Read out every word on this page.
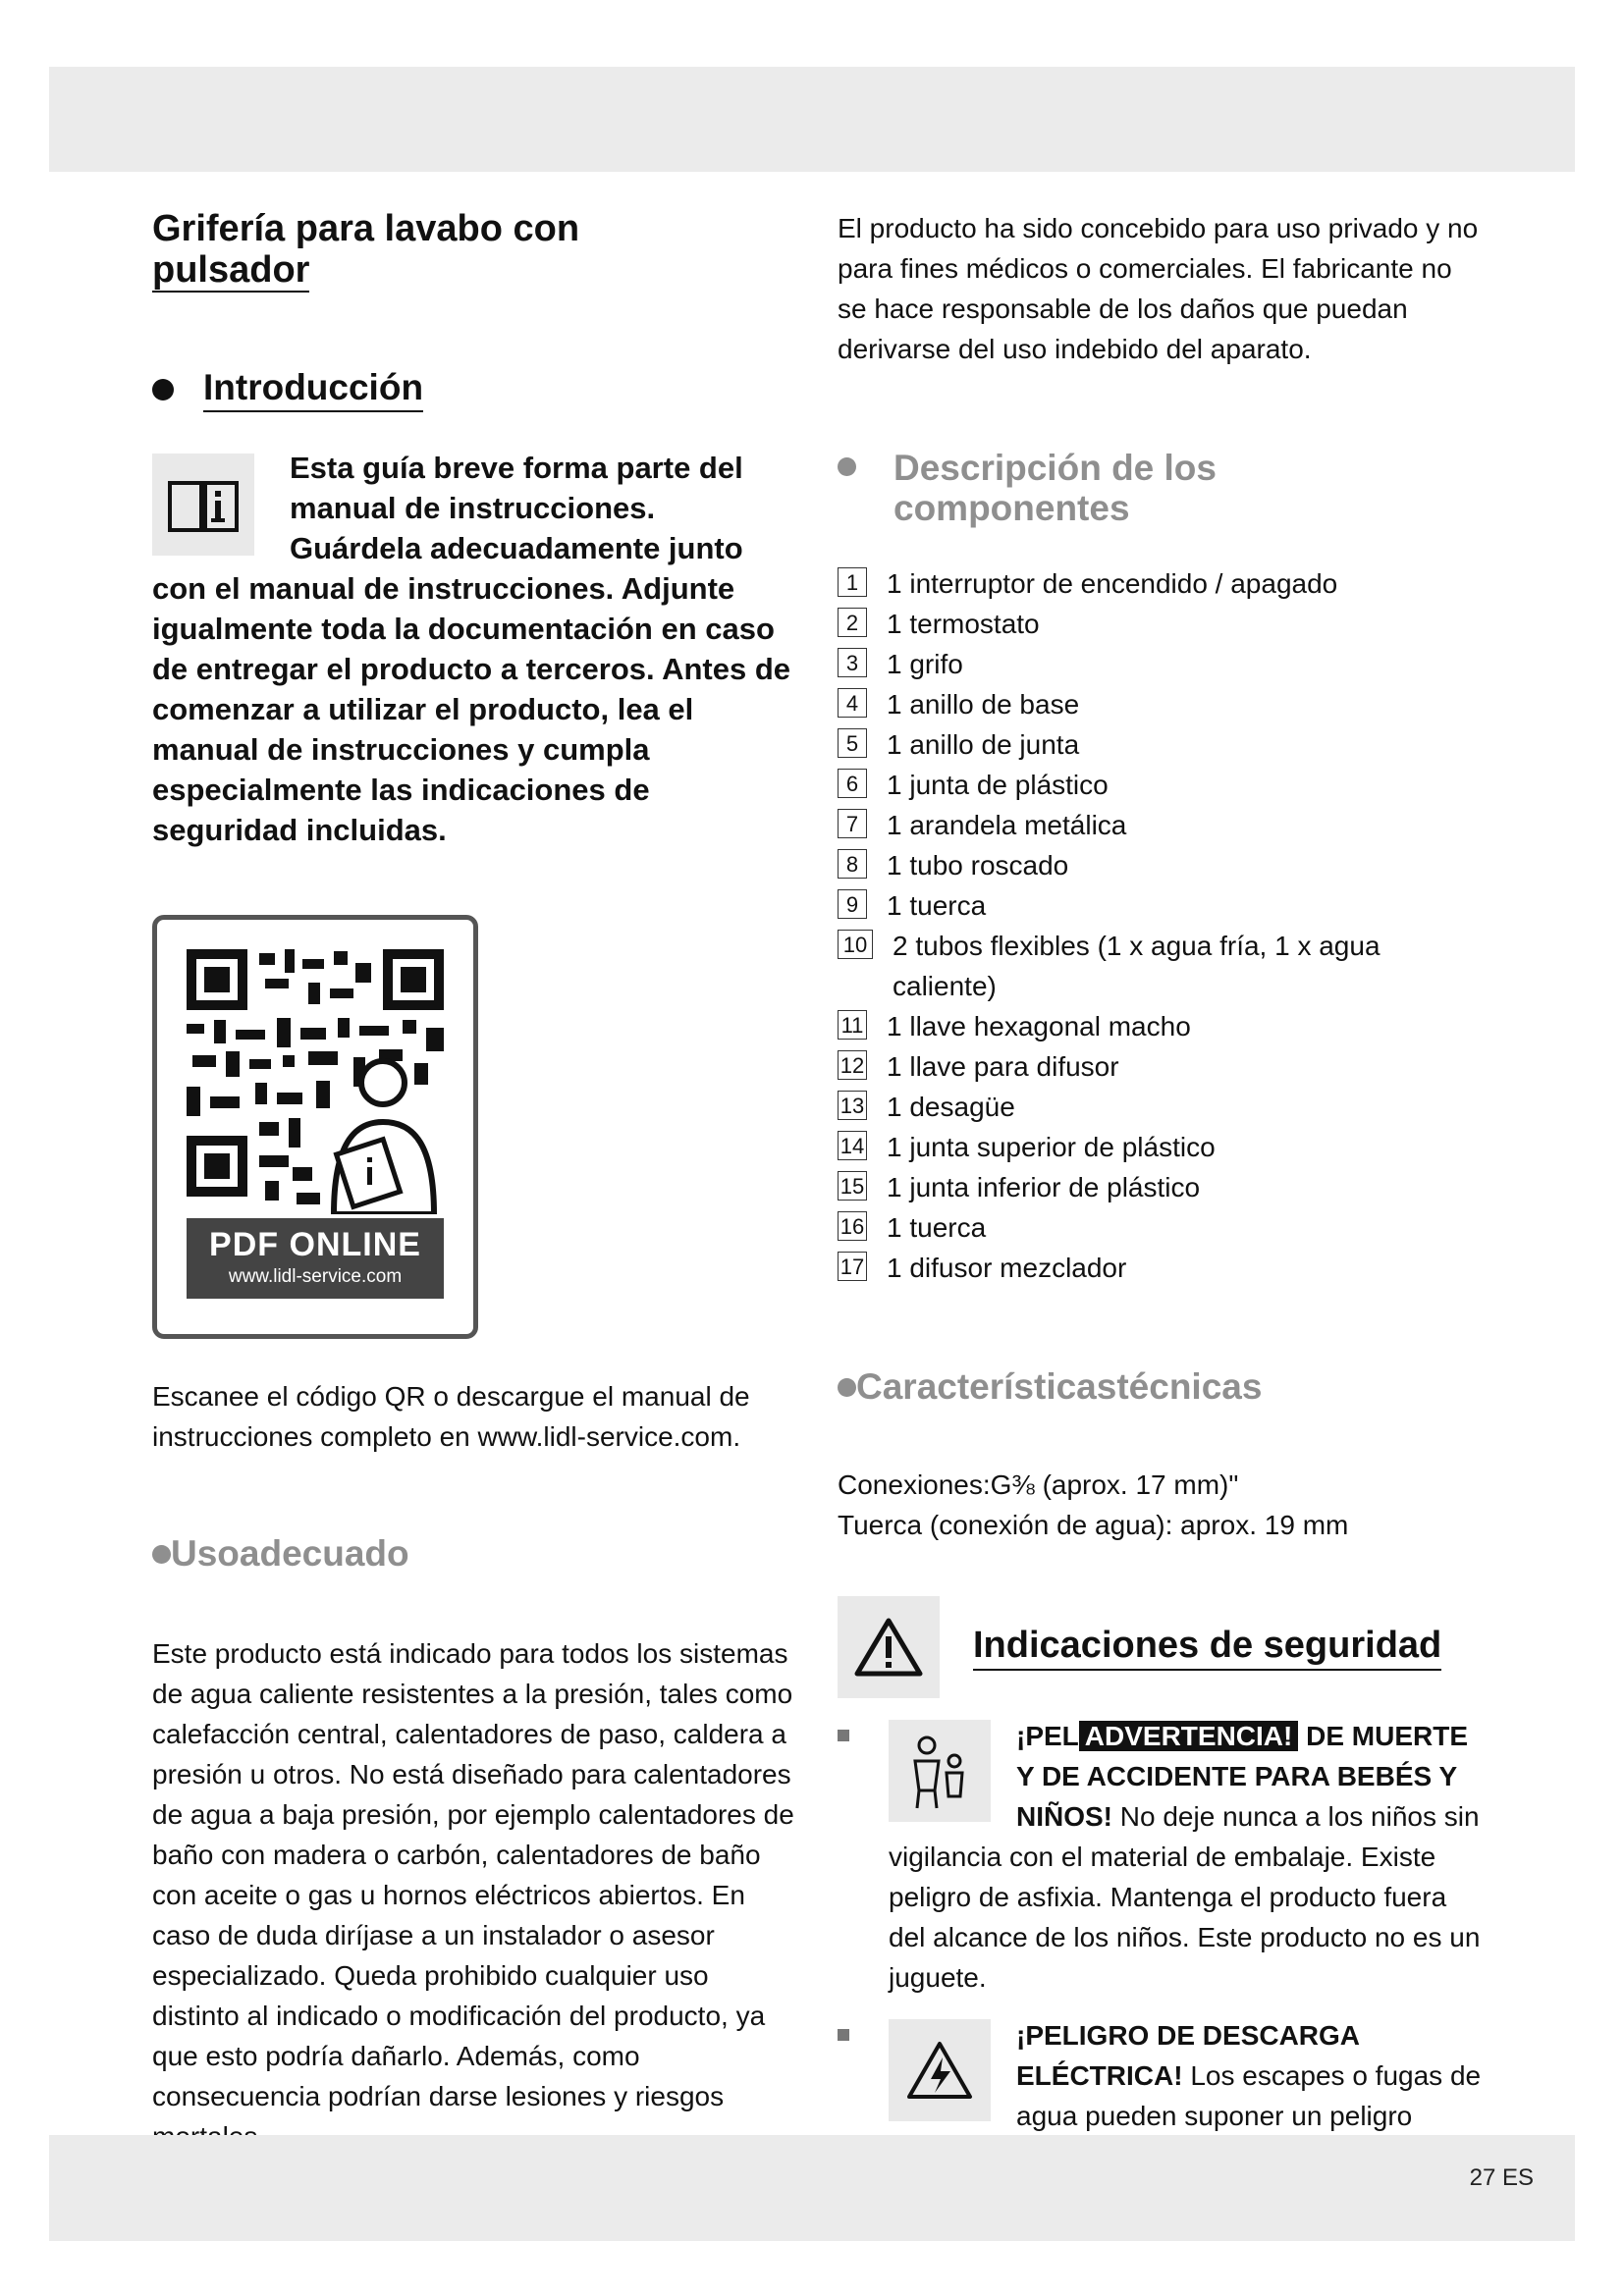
Grifería para lavabo con
pulsador
Introducción
Esta guía breve forma parte del manual de instrucciones. Guárdela adecuadamente junto con el manual de instrucciones. Adjunte igualmente toda la documentación en caso de entregar el producto a terceros. Antes de comenzar a utilizar el producto, lea el manual de instrucciones y cumpla especialmente las indicaciones de seguridad incluidas.
PDF ONLINE
www.lidl-service.com

Escanee el código QR o descargue el manual de instrucciones completo en www.lidl-service.com.

Usoadecuado

Este producto está indicado para todos los sistemas de agua caliente resistentes a la presión, tales como calefacción central, calentadores de paso, caldera a presión u otros. No está diseñado para calentadores de agua a baja presión, por ejemplo calentadores de baño con madera o carbón, calentadores de baño con aceite o gas u hornos eléctricos abiertos. En caso de duda diríjase a un instalador o asesor especializado. Queda prohibido cualquier uso distinto al indicado o modificación del producto, ya que esto podría dañarlo. Además, como consecuencia podrían darse lesiones y riesgos

El producto ha sido concebido para uso privado y no para fines médicos o comerciales. El fabricante no se hace responsable de los daños que puedan derivarse del uso indebido del aparato.

Descripción de los
componentes
1	1 interruptor de encendido / apagado
2	1 termostato
3	1 grifo
4	1 anillo de base
5	1 anillo de junta
6	1 junta de plástico
7	1 arandela metálica
8	1 tubo roscado
9	1 tuerca
10 2 tubos flexibles (1 x agua fría, 1 x agua caliente)
11 1 llave hexagonal macho
12 1 llave para difusor
13 1 desagüe
14 1 junta superior de plástico
15 1 junta inferior de plástico
16 1 tuerca
17 1 difusor mezclador
Característicastécnicas

Conexiones:G⅜ (aprox. 17 mm)"

Tuerca (conexión de agua): aprox. 19 mm

Indicaciones de seguridad
¡PEL ADVERTENCIA! DE MUERTE Y DE ACCIDENTE PARA BEBÉS Y NIÑOS! No deje nunca a los niños sin vigilancia con el material de embalaje. Existe peligro de asfixia. Mantenga el producto fuera del alcance de los niños. Este producto no es un juguete.
¡PELIGRO DE DESCARGA ELÉCTRICA! Los escapes o fugas de agua pueden suponer un peligro
27 ES
